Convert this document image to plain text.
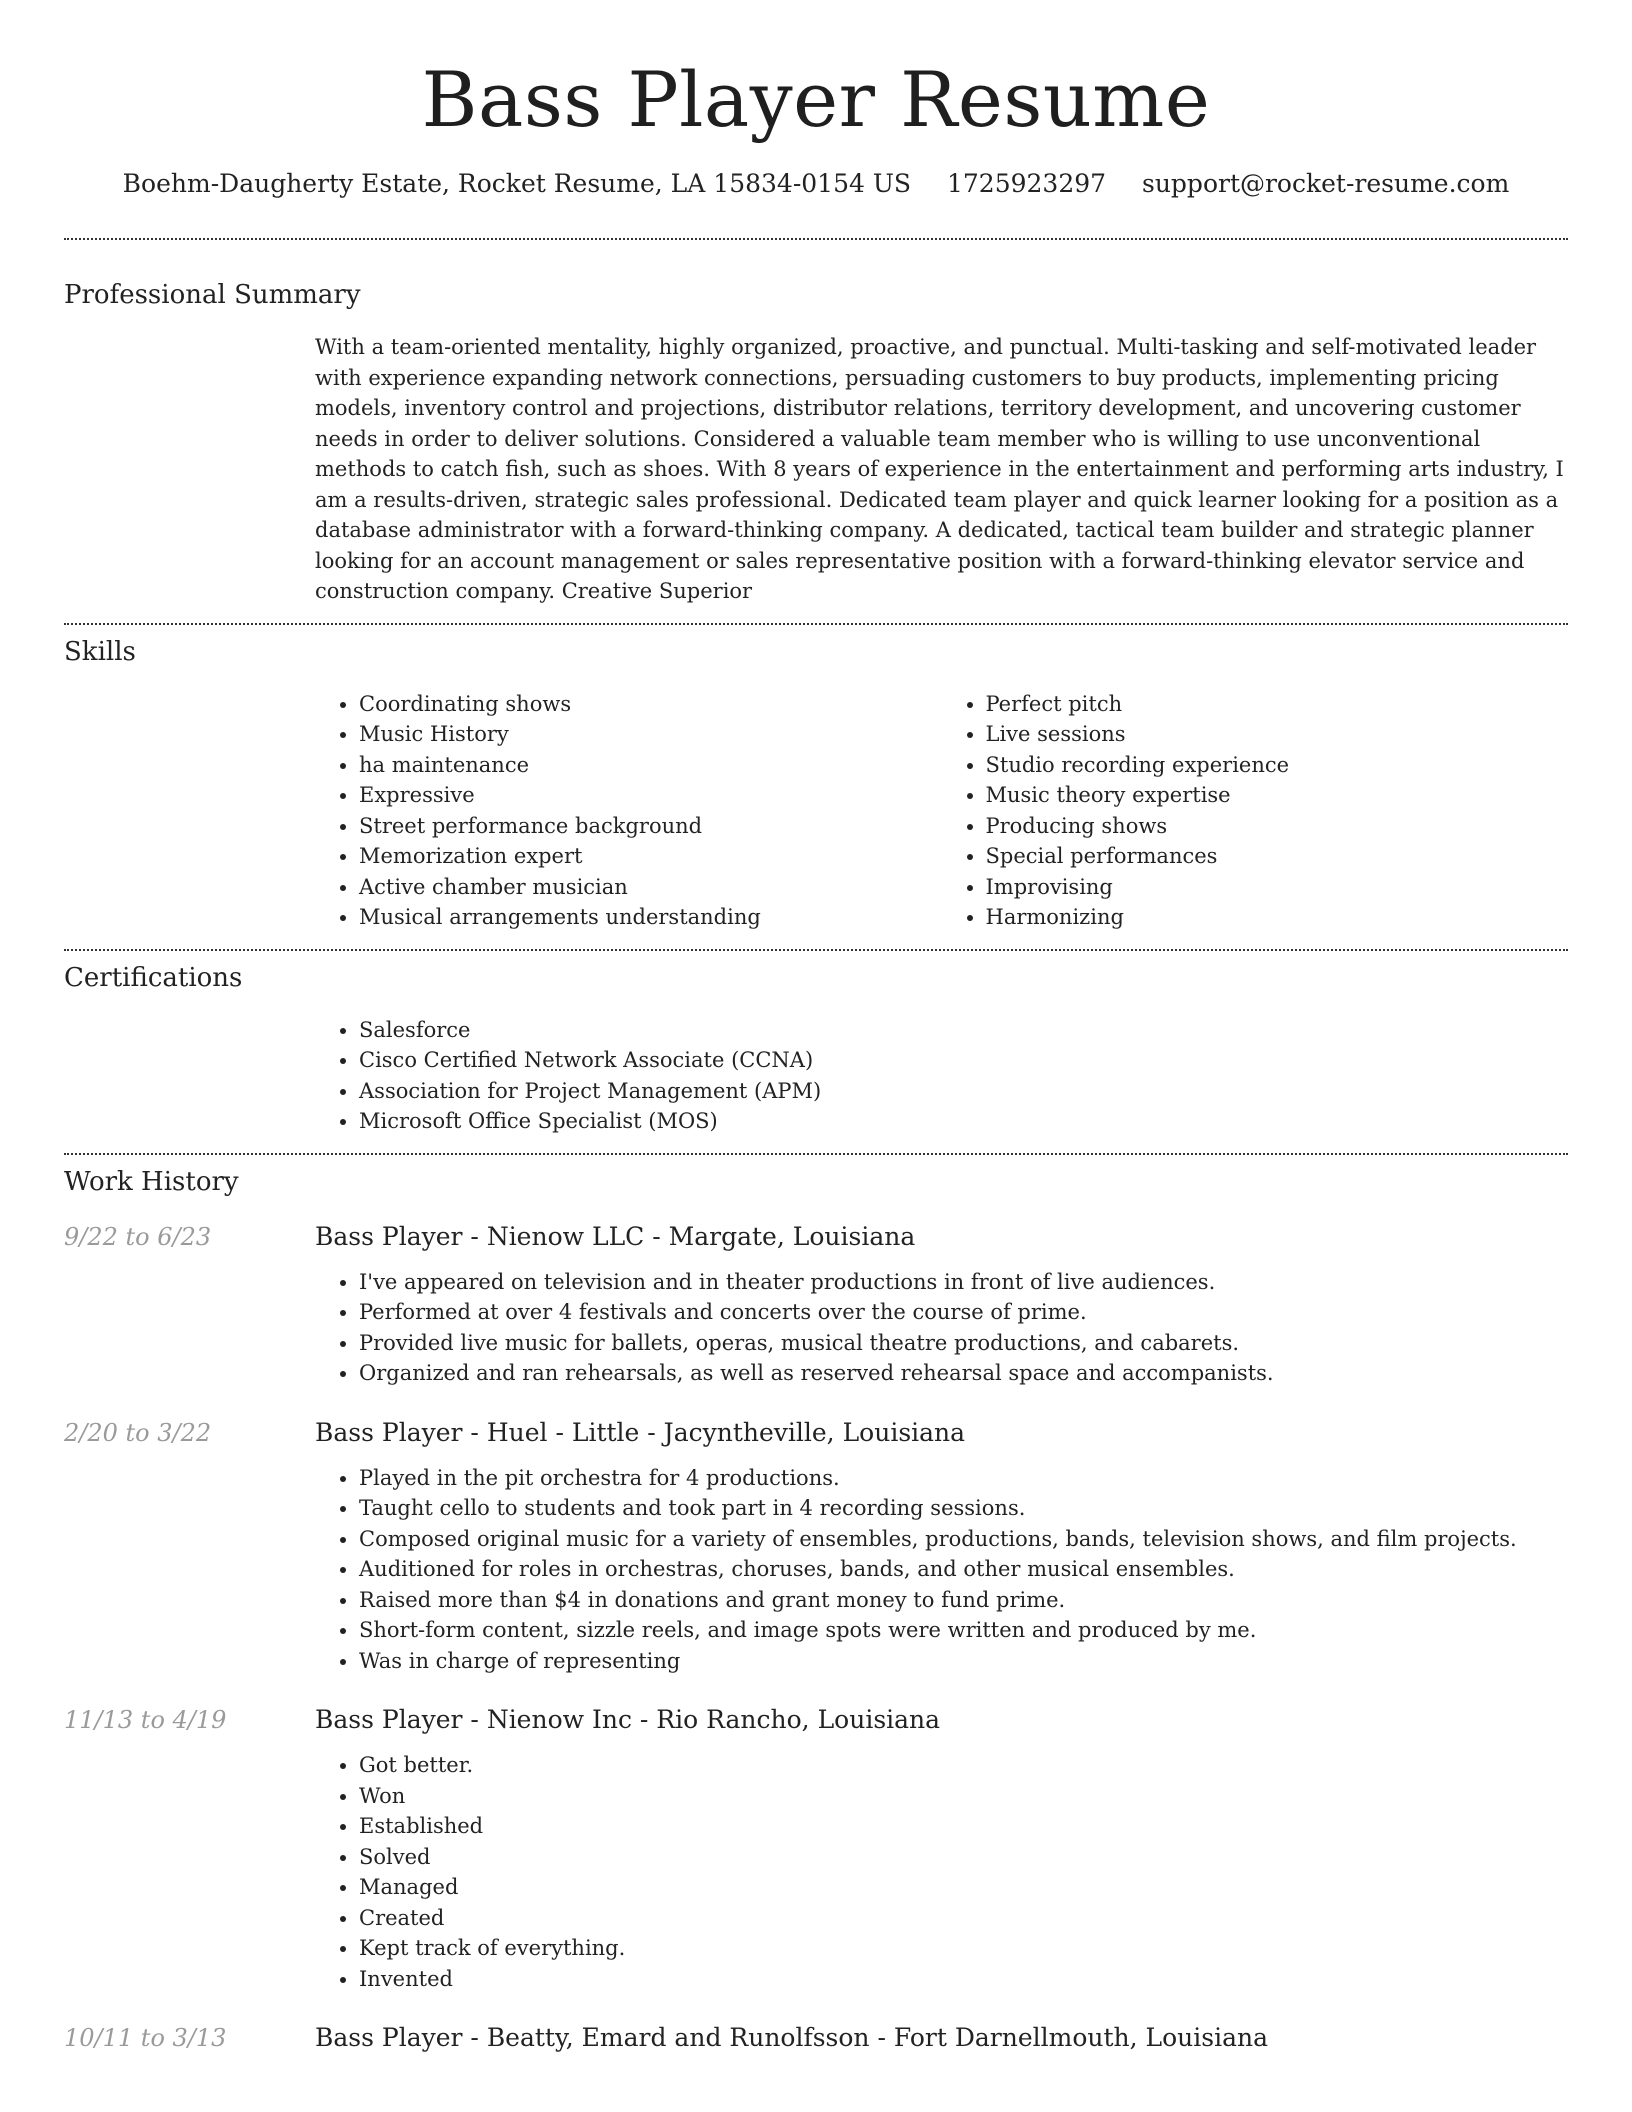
Bass Player Resume
Boehm-Daugherty Estate, Rocket Resume, LA 15834-0154 US 1725923297 support@rocket-resume.com
Professional Summary
With a team-oriented mentality, highly organized, proactive, and punctual. Multi-tasking and self-motivated leader with experience expanding network connections, persuading customers to buy products, implementing pricing models, inventory control and projections, distributor relations, territory development, and uncovering customer needs in order to deliver solutions. Considered a valuable team member who is willing to use unconventional methods to catch fish, such as shoes. With 8 years of experience in the entertainment and performing arts industry, I am a results-driven, strategic sales professional. Dedicated team player and quick learner looking for a position as a database administrator with a forward-thinking company. A dedicated, tactical team builder and strategic planner looking for an account management or sales representative position with a forward-thinking elevator service and construction company. Creative Superior
Skills
• Coordinating shows
• Music History
• ha maintenance
• Expressive
• Street performance background
• Memorization expert
• Active chamber musician
• Musical arrangements understanding
• Perfect pitch
• Live sessions
• Studio recording experience
• Music theory expertise
• Producing shows
• Special performances
• Improvising
• Harmonizing
Certifications
• Salesforce
• Cisco Certified Network Associate (CCNA)
• Association for Project Management (APM)
• Microsoft Office Specialist (MOS)
Work History
9/22 to 6/23	Bass Player - Nienow LLC - Margate, Louisiana
• I've appeared on television and in theater productions in front of live audiences.
• Performed at over 4 festivals and concerts over the course of prime.
• Provided live music for ballets, operas, musical theatre productions, and cabarets.
• Organized and ran rehearsals, as well as reserved rehearsal space and accompanists.
2/20 to 3/22	Bass Player - Huel - Little - Jacyntheville, Louisiana
• Played in the pit orchestra for 4 productions.
• Taught cello to students and took part in 4 recording sessions.
• Composed original music for a variety of ensembles, productions, bands, television shows, and film projects.
• Auditioned for roles in orchestras, choruses, bands, and other musical ensembles.
• Raised more than $4 in donations and grant money to fund prime.
• Short-form content, sizzle reels, and image spots were written and produced by me.
• Was in charge of representing
11/13 to 4/19	Bass Player - Nienow Inc - Rio Rancho, Louisiana
• Got better.
• Won
• Established
• Solved
• Managed
• Created
• Kept track of everything.
• Invented
10/11 to 3/13	Bass Player - Beatty, Emard and Runolfsson - Fort Darnellmouth, Louisiana
